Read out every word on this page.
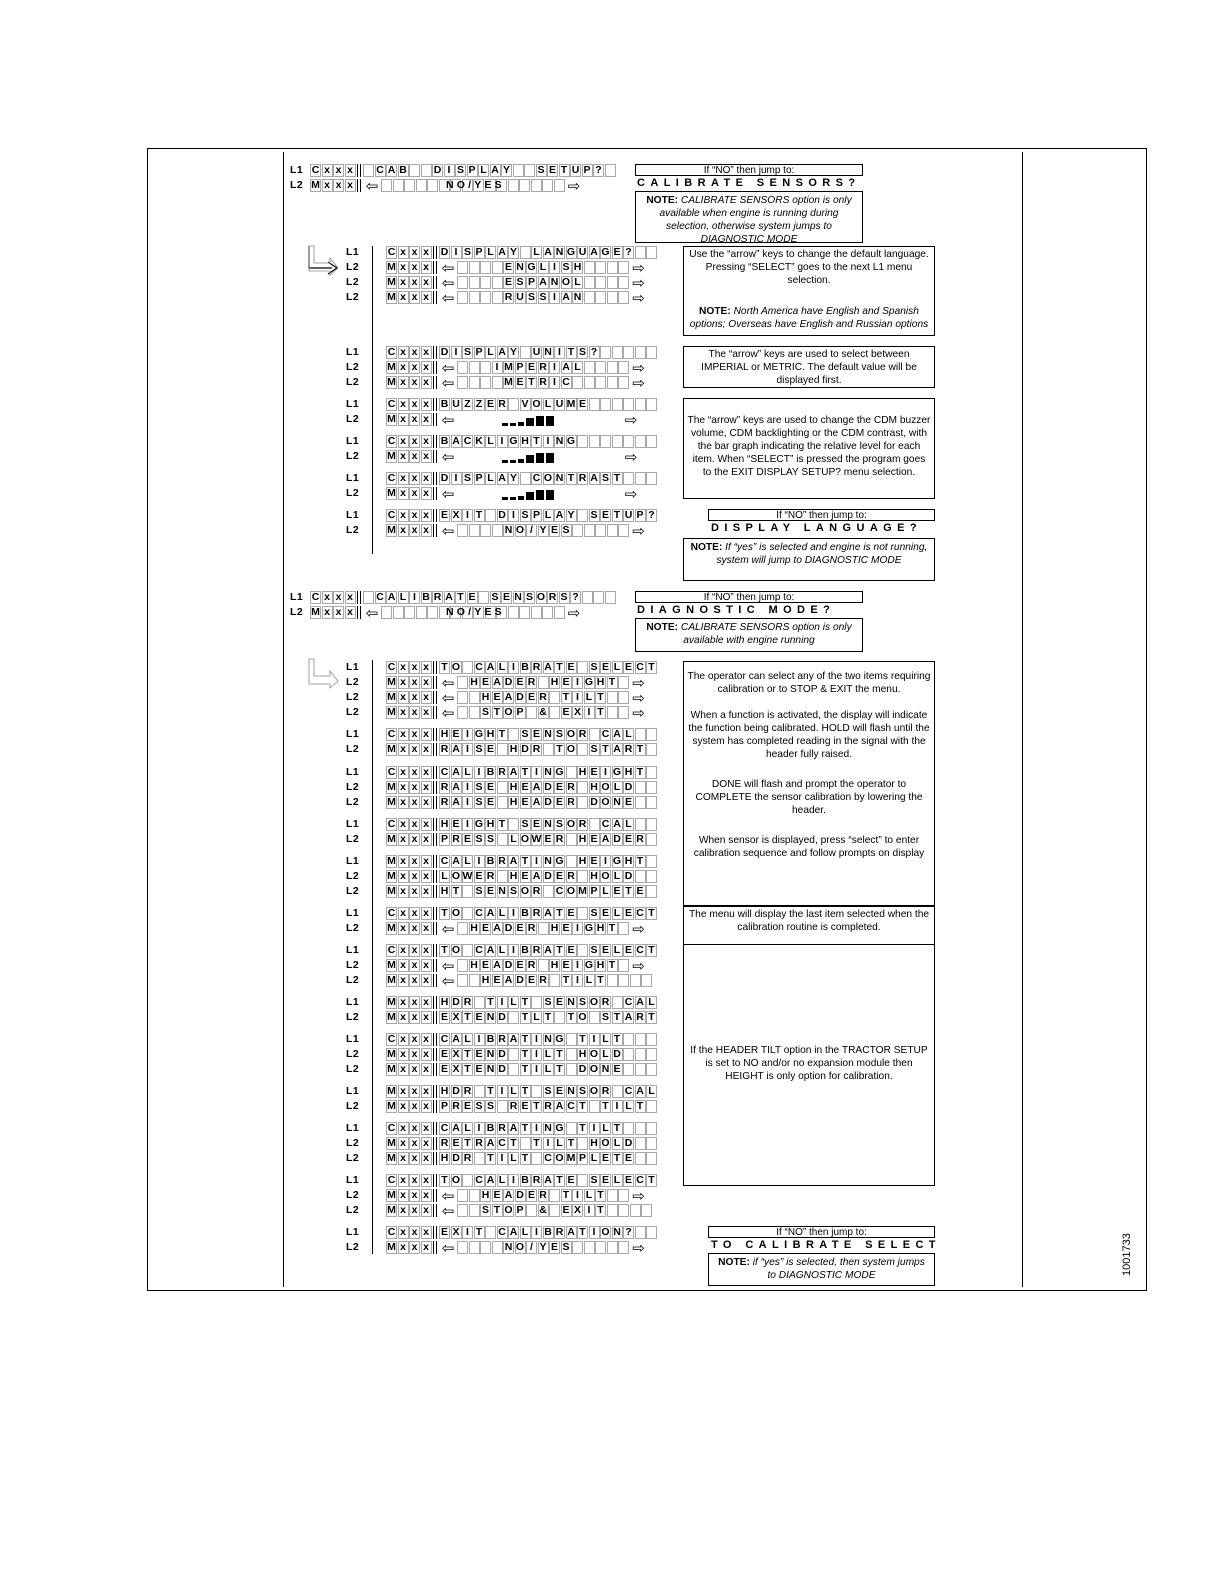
L1 C x x x C A B	D I S P L A Y	S E T U P ?
L2 M x x x ⇦	⇨
NO/YES
If “NO” then jump to:
CALIBRATE SENSORS?
NOTE: CALIBRATE SENSORS option is only available when engine is running during selection, otherwise system jumps to DIAGNOSTIC MODE
L1	C x x x D I S P L A Y L A N G U A G E ?
L2	M x x x ⇦	E N G L I S H	⇨
L2	M x x x ⇦	E S P A N O L	⇨
L2	M x x x ⇦	R U S S I A N	⇨
Use the “arrow” keys to change the default language. Pressing “SELECT” goes to the next L1 menu selection.
NOTE: North America have English and Spanish options; Overseas have English and Russian options
L1	C x x x D I S P L A Y U N I T S ?
L2	M x x x ⇦	I M P E R I A L	⇨
L2	M x x x ⇦	M E T R I C	⇨
The “arrow” keys are used to select between IMPERIAL or METRIC. The default value will be displayed first.
L1	C x x x B U Z Z E R V O L U M E
L2	M x x x ⇦	⇨
L1	C x x x B A C K L I G H T I N G
L2	M x x x ⇦	⇨
L1	C x x x D I S P L A Y C O N T R A S T
L2	M x x x ⇦	⇨
The “arrow” keys are used to change the CDM buzzer volume, CDM backlighting or the CDM contrast, with the bar graph indicating the relative level for each item. When “SELECT” is pressed the program goes to the EXIT DISPLAY SETUP? menu selection.
L1	C x x x E X I T D I S P L A Y S E T U P ?
L2	M x x x ⇦	N O / Y E S	⇨
If “NO” then jump to:
DISPLAY LANGUAGE?
NOTE: If “yes” is selected and engine is not running, system will jump to DIAGNOSTIC MODE
L1 C x x x C A L I B R A T E S E N S O R S ?
L2 M x x x ⇦	⇨
NO/YES
If “NO” then jump to:
DIAGNOSTIC MODE?
NOTE: CALIBRATE SENSORS option is only available with engine running
L1	C x x x T O C A L I B R A T E S E L E C T
L2	M x x x ⇦ H E A D E R H E I G H T ⇨
L2	M x x x ⇦	H E A D E R T I L T ⇨
L2	M x x x ⇦	S T O P & E X I T ⇨
L1	C x x x H E I G H T S E N S O R C A L
L2	M x x x R A I S E H D R T O S T A R T
L1	C x x x C A L I B R A T I N G H E I G H T
L2	M x x x R A I S E H E A D E R H O L D
L2	M x x x R A I S E H E A D E R D O N E
L1	C x x x H E I G H T S E N S O R C A L
L2	M x x x P R E S S L O W E R H E A D E R
L1	M x x x C A L I B R A T I N G H E I G H T
L2	M x x x L O W E R H E A D E R H O L D
L2	M x x x H T S E N S O R C O M P L E T E
L1	C x x x T O C A L I B R A T E S E L E C T
L2	M x x x ⇦ H E A D E R H E I G H T ⇨
L1	C x x x T O C A L I B R A T E S E L E C T
L2	M x x x ⇦ H E A D E R H E I G H T ⇨
L2	M x x x ⇦	H E A D E R T I L T
L1	M x x x H D R T I L T S E N S O R C A L
L2	M x x x E X T E N D T L T T O S T A R T
L1	C x x x C A L I B R A T I N G T I L T
L2	M x x x E X T E N D T I L T H O L D
L2	M x x x E X T E N D T I L T D O N E
L1	M x x x H D R T I L T S E N S O R C A L
L2	M x x x P R E S S R E T R A C T T I L T
L1	C x x x C A L I B R A T I N G T I L T
L2	M x x x R E T R A C T T I L T H O L D
L2	M x x x H D R T I L T C O M P L E T E
L1	C x x x T O C A L I B R A T E S E L E C T
L2	M x x x ⇦	H E A D E R T I L T ⇨
L2	M x x x ⇦	S T O P & E X I T
L1	C x x x E X I T C A L I B R A T I O N ?
L2	M x x x ⇦	N O / Y E S	⇨
The operator can select any of the two items requiring calibration or to STOP & EXIT the menu.
When a function is activated, the display will indicate the function being calibrated. HOLD will flash until the system has completed reading in the signal with the header fully raised.
DONE will flash and prompt the operator to COMPLETE the sensor calibration by lowering the header.
When sensor is displayed, press “select” to enter calibration sequence and follow prompts on display
The menu will display the last item selected when the calibration routine is completed.
If the HEADER TILT option in the TRACTOR SETUP is set to NO and/or no expansion module then HEIGHT is only option for calibration.
If “NO” then jump to:
TO CALIBRATE SELECT
NOTE: if “yes” is selected, then system jumps to DIAGNOSTIC MODE	1001733
